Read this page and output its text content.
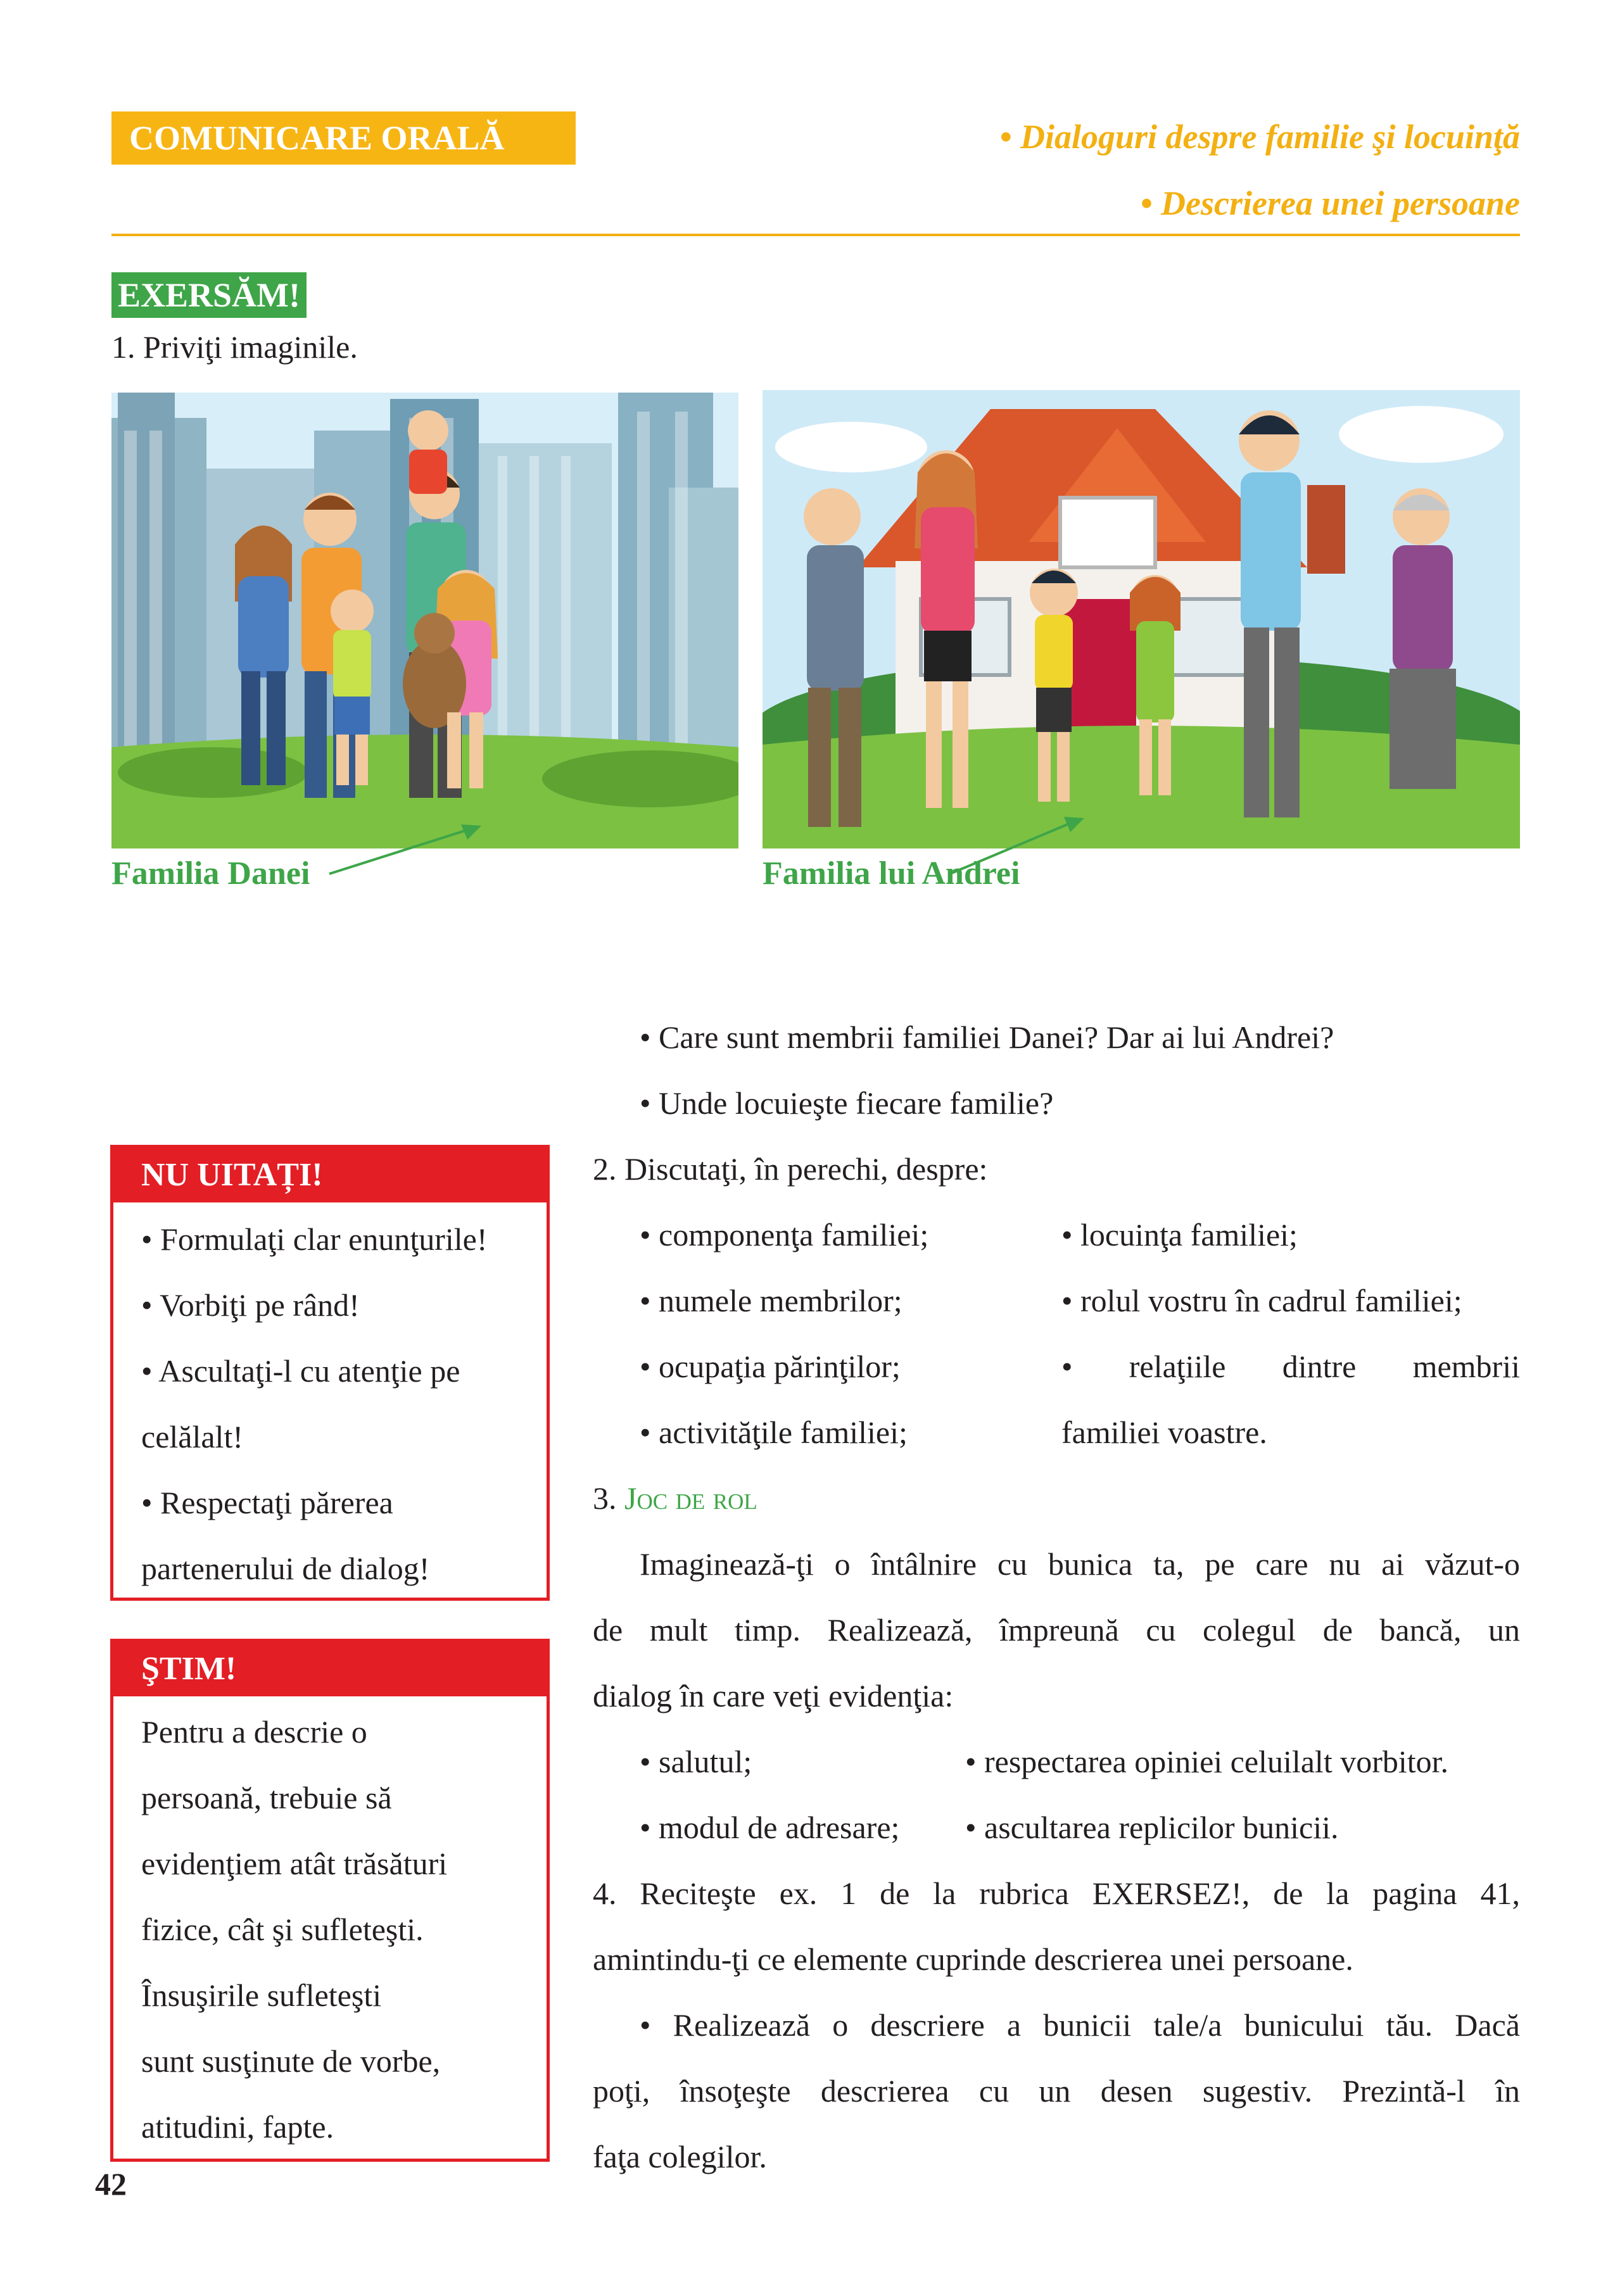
COMUNICARE ORALĂ	• Dialoguri despre familie şi locuinţă
• Descrierea unei persoane
EXERSĂM!
1. Priviţi imaginile.
Familia Danei	Familia lui Andrei
• Care sunt membrii familiei Danei? Dar ai lui Andrei?
• Unde locuieşte fiecare familie?
2. Discutaţi, în perechi, despre:
• componenţa familiei;
• numele membrilor;
• ocupaţia părinţilor;
• activităţile familiei;
• locuinţa familiei;
• rolul vostru în cadrul familiei;
• relaţiile dintre membrii
familiei voastre.
3. Joc de rol
Imaginează-ţi o întâlnire cu bunica ta, pe care nu ai văzut-o
de mult timp. Realizează, împreună cu colegul de bancă, un
dialog în care veţi evidenţia:
• salutul;
• modul de adresare;
• respectarea opiniei celuilalt vorbitor.
• ascultarea replicilor bunicii.
4. Reciteşte ex. 1 de la rubrica EXERSEZ!, de la pagina 41,
amintindu-ţi ce elemente cuprinde descrierea unei persoane.
• Realizează o descriere a bunicii tale/a bunicului tău. Dacă
poţi, însoţeşte descrierea cu un desen sugestiv. Prezintă-l în
faţa colegilor.
NU UITAȚI!
• Formulaţi clar enunţurile!
• Vorbiţi pe rând!
• Ascultaţi-l cu atenţie pe
celălalt!
• Respectaţi părerea
partenerului de dialog!
ŞTIM!
Pentru a descrie o
persoană, trebuie să
evidenţiem atât trăsături
fizice, cât şi sufleteşti.
Însuşirile sufleteşti
sunt susţinute de vorbe,
atitudini, fapte.
42
